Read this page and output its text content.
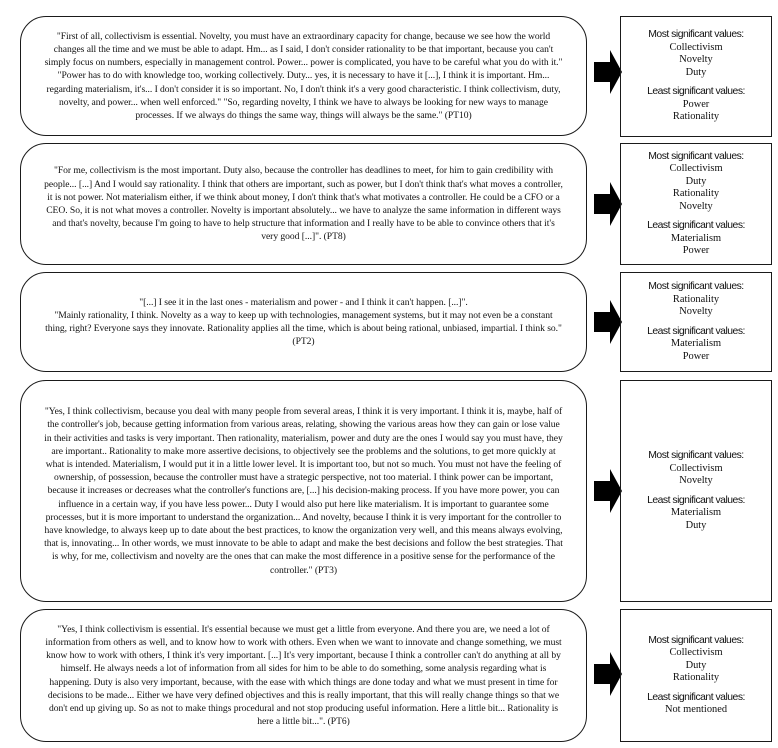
"First of all, collectivism is essential. Novelty, you must have an extraordinary capacity for change, because we see how the world changes all the time and we must be able to adapt. Hm... as I said, I don't consider rationality to be that important, because you can't simply focus on numbers, especially in management control. Power... power is complicated, you have to be careful what you do with it." "Power has to do with knowledge too, working collectively. Duty... yes, it is necessary to have it [...], I think it is important. Hm... regarding materialism, it's... I don't consider it is so important. No, I don't think it's a very good characteristic. I think collectivism, duty, novelty, and power... when well enforced." "So, regarding novelty, I think we have to always be looking for new ways to manage processes. If we always do things the same way, things will always be the same." (PT10)

Most significant values:
Collectivism
Novelty
Duty
Least significant values:
Power
Rationality

"For me, collectivism is the most important. Duty also, because the controller has deadlines to meet, for him to gain credibility with people... [...] And I would say rationality. I think that others are important, such as power, but I don't think that's what moves a controller, it is not power. Not materialism either, if we think about money, I don't think that's what motivates a controller. He could be a CFO or a CEO. So, it is not what moves a controller. Novelty is important absolutely... we have to analyze the same information in different ways and that's novelty, because I'm going to have to help structure that information and I really have to be able to convince others that it's very good [...]". (PT8)

Most significant values:
Collectivism
Duty
Rationality
Novelty
Least significant values:
Materialism
Power

"[...] I see it in the last ones - materialism and power - and I think it can't happen. [...]".

"Mainly rationality, I think. Novelty as a way to keep up with technologies, management systems, but it may not even be a constant thing, right? Everyone says they innovate. Rationality applies all the time, which is about being rational, unbiased, impartial. I think so." (PT2)

Most significant values:
Rationality
Novelty
Least significant values:
Materialism
Power

"Yes, I think collectivism, because you deal with many people from several areas, I think it is very important. I think it is, maybe, half of the controller's job, because getting information from various areas, relating, showing the various areas how they can gain or lose value in their activities and tasks is very important. Then rationality, materialism, power and duty are the ones I would say you must have, they are important.. Rationality to make more assertive decisions, to objectively see the problems and the solutions, to get more quickly at what is intended. Materialism, I would put it in a little lower level. It is important too, but not so much. You must not have the feeling of ownership, of possession, because the controller must have a strategic perspective, not too material. I think power can be important, because it increases or decreases what the controller's functions are, [...] his decision-making process. If you have more power, you can influence in a certain way, if you have less power... Duty I would also put here like materialism. It is important to guarantee some processes, but it is more important to understand the organization... And novelty, because I think it is very important for the controller to have knowledge, to always keep up to date about the best practices, to know the organization very well, and this means always evolving, that is, innovating... In other words, we must innovate to be able to adapt and make the best decisions and follow the best strategies. That is why, for me, collectivism and novelty are the ones that can make the most difference in a positive sense for the performance of the controller." (PT3)

Most significant values:
Collectivism
Novelty
Least significant values:
Materialism
Duty

"Yes, I think collectivism is essential. It's essential because we must get a little from everyone. And there you are, we need a lot of information from others as well, and to know how to work with others. Even when we want to innovate and change something, we must know how to work with others, I think it's very important. [...] It's very important, because I think a controller can't do anything at all by himself. He always needs a lot of information from all sides for him to be able to do something, some analysis regarding what is happening. Duty is also very important, because, with the ease with which things are done today and what we must present in time for decisions to be made... Either we have very defined objectives and this is really important, that this will really change things so that we don't end up giving up. So as not to make things procedural and not stop producing useful information. Here a little bit... Rationality is here a little bit...". (PT6)

Most significant values:
Collectivism
Duty
Rationality
Least significant values:
Not mentioned
